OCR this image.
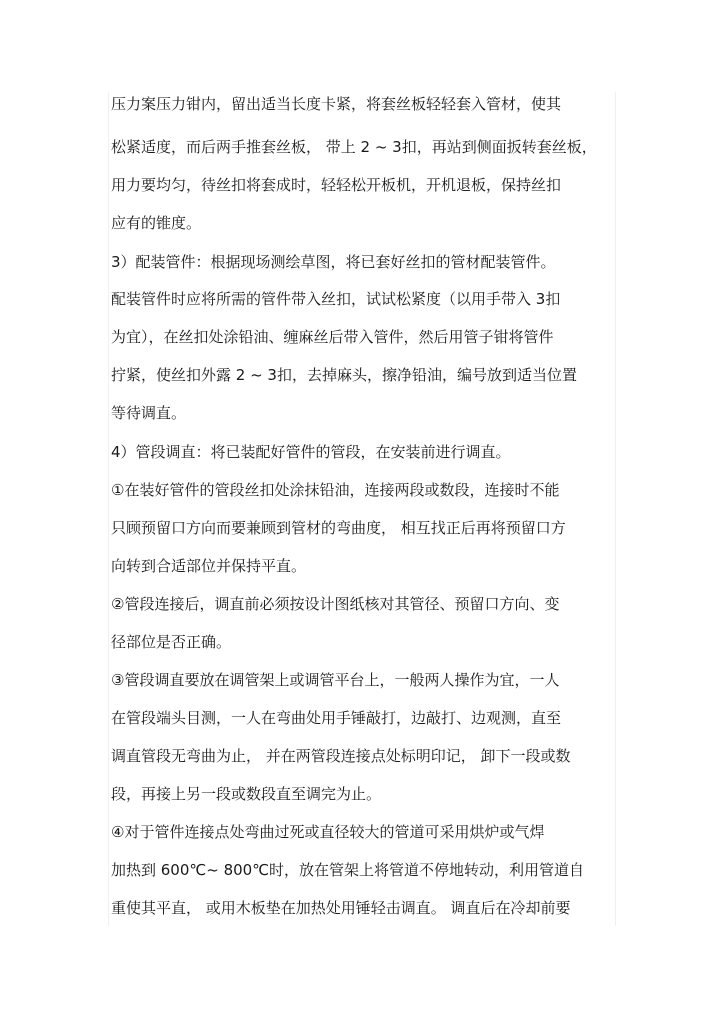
压力案压力钳内，留出适当长度卡紧，将套丝板轻轻套入管材，使其
松紧适度，而后两手推套丝板， 带上 2 ~ 3扣，再站到侧面扳转套丝板，
用力要均匀，待丝扣将套成时，轻轻松开板机，开机退板，保持丝扣
应有的锥度。
3）配装管件：根据现场测绘草图，将已套好丝扣的管材配装管件。
配装管件时应将所需的管件带入丝扣，试试松紧度（以用手带入 3扣
为宜），在丝扣处涂铅油、缠麻丝后带入管件，然后用管子钳将管件
拧紧，使丝扣外露 2 ~ 3扣，去掉麻头，擦净铅油，编号放到适当位置
等待调直。
4）管段调直：将已装配好管件的管段，在安装前进行调直。
①在装好管件的管段丝扣处涂抹铅油，连接两段或数段，连接时不能
只顾预留口方向而要兼顾到管材的弯曲度， 相互找正后再将预留口方
向转到合适部位并保持平直。
②管段连接后，调直前必须按设计图纸核对其管径、预留口方向、变
径部位是否正确。
③管段调直要放在调管架上或调管平台上，一般两人操作为宜，一人
在管段端头目测，一人在弯曲处用手锤敲打，边敲打、边观测，直至
调直管段无弯曲为止， 并在两管段连接点处标明印记， 卸下一段或数
段，再接上另一段或数段直至调完为止。
④对于管件连接点处弯曲过死或直径较大的管道可采用烘炉或气焊
加热到 600℃~ 800℃时，放在管架上将管道不停地转动，利用管道自
重使其平直， 或用木板垫在加热处用锤轻击调直。 调直后在冷却前要
